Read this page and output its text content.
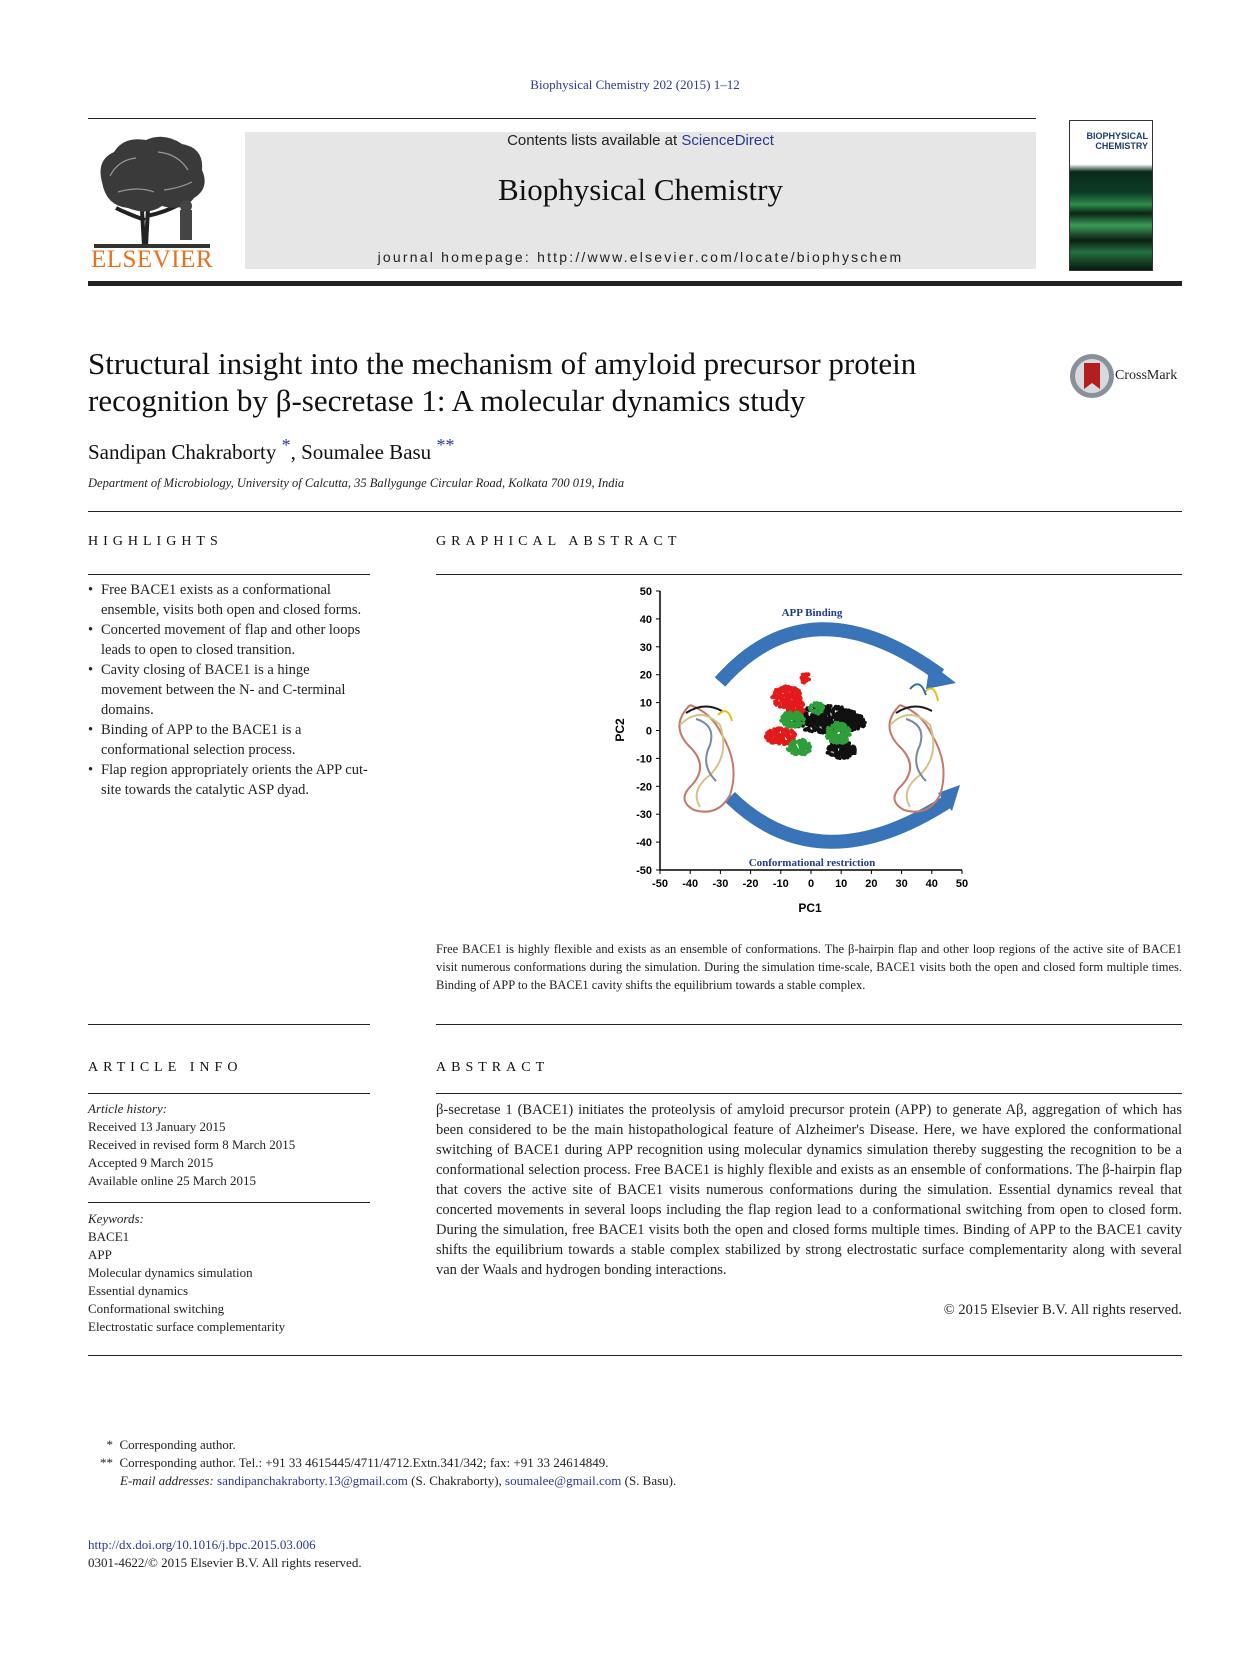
Biophysical Chemistry 202 (2015) 1–12
ELSEVIER
Contents lists available at ScienceDirect
Biophysical Chemistry
journal homepage: http://www.elsevier.com/locate/biophyschem
BIOPHYSICAL
CHEMISTRY
Structural insight into the mechanism of amyloid precursor protein
recognition by β-secretase 1: A molecular dynamics study
CrossMark
Sandipan Chakraborty *, Soumalee Basu **
Department of Microbiology, University of Calcutta, 35 Ballygunge Circular Road, Kolkata 700 019, India
HIGHLIGHTS
• Free BACE1 exists as a conformational ensemble, visits both open and closed forms.
• Concerted movement of flap and other loops leads to open to closed transition.
• Cavity closing of BACE1 is a hinge movement between the N- and C-terminal domains.
• Binding of APP to the BACE1 is a conformational selection process.
• Flap region appropriately orients the APP cut-site towards the catalytic ASP dyad.
GRAPHICAL ABSTRACT
-50 -40 -30 -20 -10 0 10 20 30 40 50
50
40
30
20
10
0
-10
-20
-30
-40
-50
PC1
PC2
APP Binding
Conformational restriction
Free BACE1 is highly flexible and exists as an ensemble of conformations. The β-hairpin flap and other loop regions of the active site of BACE1 visit numerous conformations during the simulation. During the simulation time-scale, BACE1 visits both the open and closed form multiple times. Binding of APP to the BACE1 cavity shifts the equilibrium towards a stable complex.
ARTICLE INFO
Article history:
Received 13 January 2015
Received in revised form 8 March 2015
Accepted 9 March 2015
Available online 25 March 2015
Keywords:
BACE1
APP
Molecular dynamics simulation
Essential dynamics
Conformational switching
Electrostatic surface complementarity
ABSTRACT
β-secretase 1 (BACE1) initiates the proteolysis of amyloid precursor protein (APP) to generate Aβ, aggregation of which has been considered to be the main histopathological feature of Alzheimer's Disease. Here, we have explored the conformational switching of BACE1 during APP recognition using molecular dynamics simulation thereby suggesting the recognition to be a conformational selection process. Free BACE1 is highly flexible and exists as an ensemble of conformations. The β-hairpin flap that covers the active site of BACE1 visits numerous conformations during the simulation. Essential dynamics reveal that concerted movements in several loops including the flap region lead to a conformational switching from open to closed form. During the simulation, free BACE1 visits both the open and closed forms multiple times. Binding of APP to the BACE1 cavity shifts the equilibrium towards a stable complex stabilized by strong electrostatic surface complementarity along with several van der Waals and hydrogen bonding interactions.
© 2015 Elsevier B.V. All rights reserved.
* Corresponding author.
** Corresponding author. Tel.: +91 33 4615445/4711/4712.Extn.341/342; fax: +91 33 24614849.
E-mail addresses: sandipanchakraborty.13@gmail.com (S. Chakraborty), soumalee@gmail.com (S. Basu).
http://dx.doi.org/10.1016/j.bpc.2015.03.006
0301-4622/© 2015 Elsevier B.V. All rights reserved.
